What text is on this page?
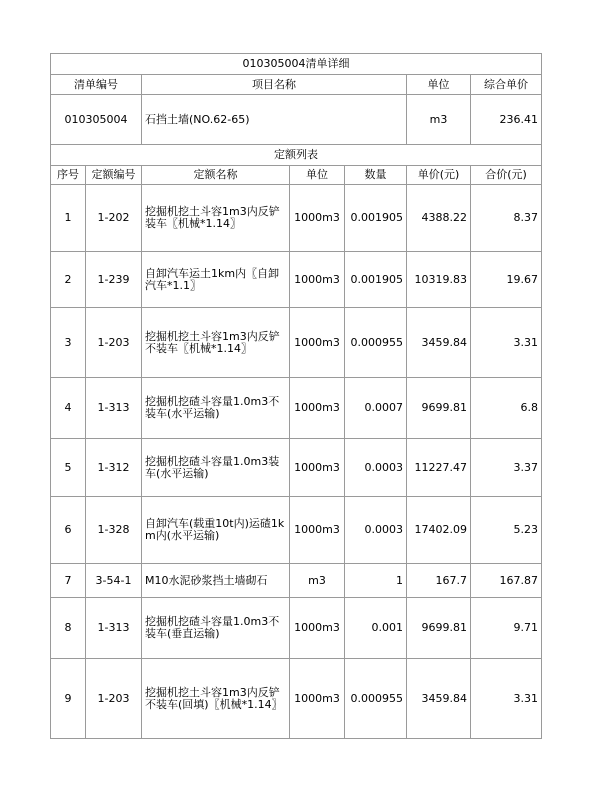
010305004清单详细						
清单编号		项目名称			单位	综合单价
010305004		石挡土墙(NO.62-65)			m3	236.41
定额列表						
序号	定额编号	定额名称	单位	数量	单价(元)	合价(元)
1	1-202	挖掘机挖土斗容1m3内反铲装车〖机械*1.14〗	1000m3	0.001905	4388.22	8.37
2	1-239	自卸汽车运土1km内〖自卸汽车*1.1〗	1000m3	0.001905	10319.83	19.67
3	1-203	挖掘机挖土斗容1m3内反铲不装车〖机械*1.14〗	1000m3	0.000955	3459.84	3.31
4	1-313	挖掘机挖碴斗容量1.0m3不装车(水平运输)	1000m3	0.0007	9699.81	6.8
5	1-312	挖掘机挖碴斗容量1.0m3装车(水平运输)	1000m3	0.0003	11227.47	3.37
6	1-328	自卸汽车(载重10t内)运碴1km内(水平运输)	1000m3	0.0003	17402.09	5.23
7	3-54-1	M10水泥砂浆挡土墙砌石	m3	1	167.7	167.87
8	1-313	挖掘机挖碴斗容量1.0m3不装车(垂直运输)	1000m3	0.001	9699.81	9.71
9	1-203	挖掘机挖土斗容1m3内反铲不装车(回填)〖机械*1.14〗	1000m3	0.000955	3459.84	3.31
